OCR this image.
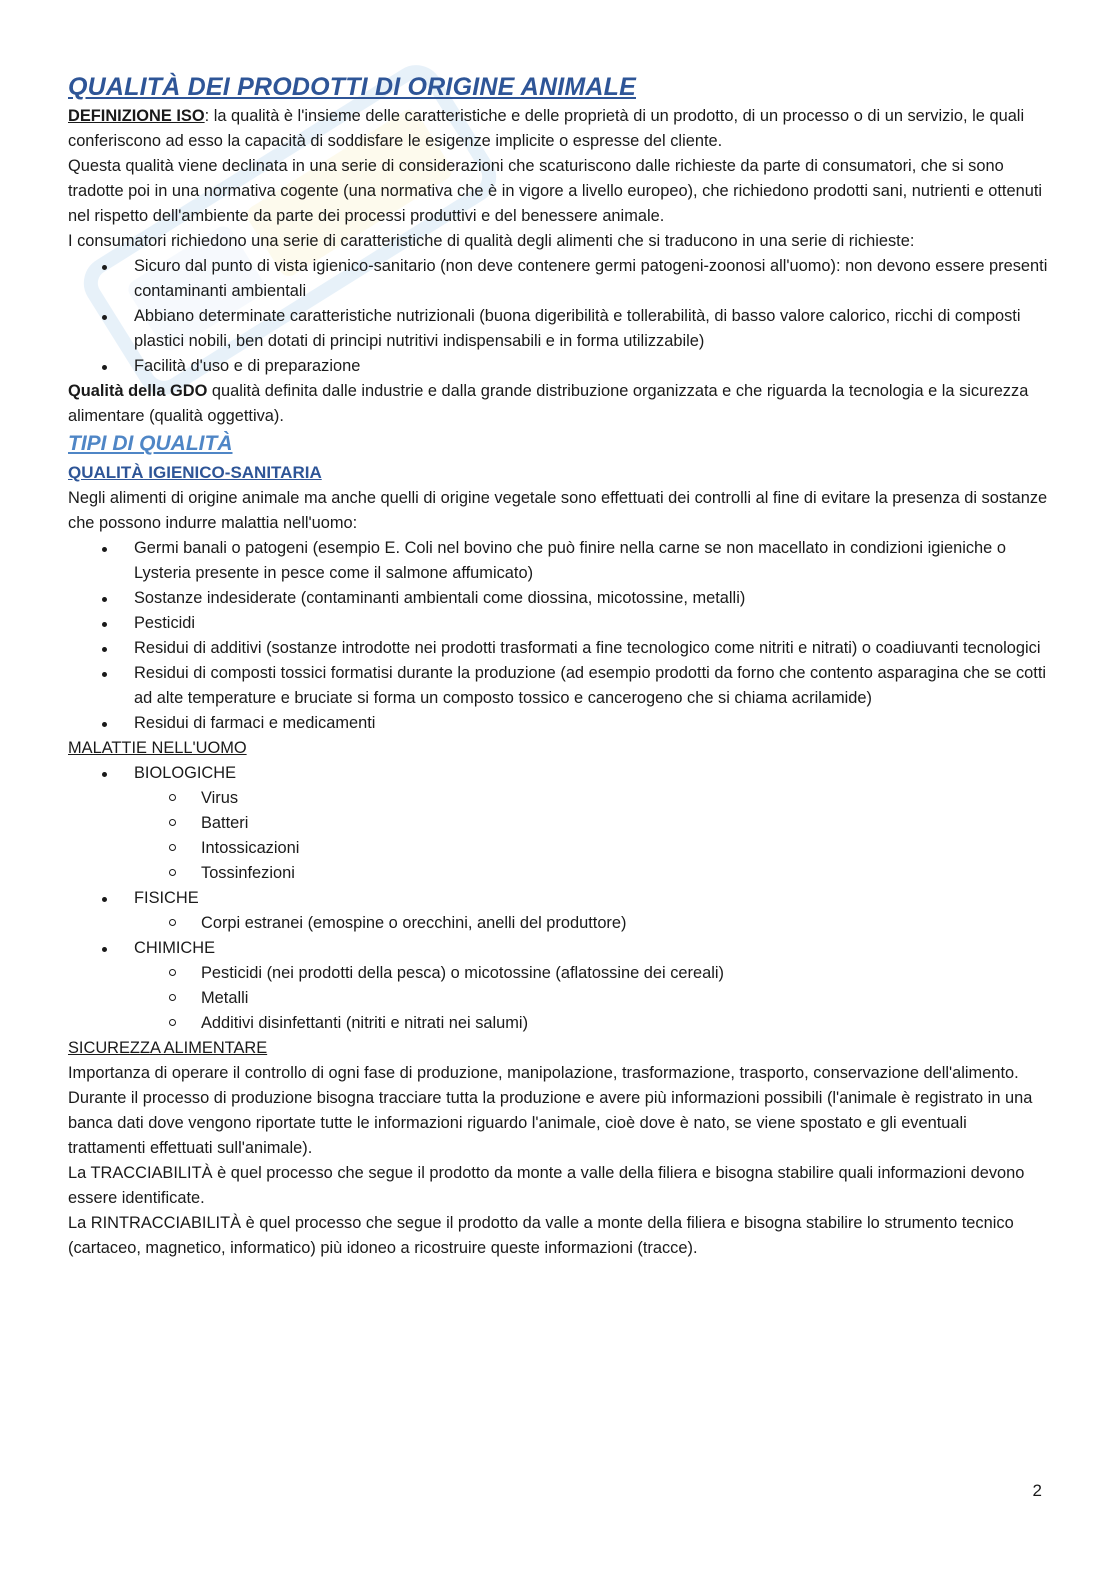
QUALITÀ DEI PRODOTTI DI ORIGINE ANIMALE

DEFINIZIONE ISO: la qualità è l'insieme delle caratteristiche e delle proprietà di un prodotto, di un processo o di un servizio, le quali conferiscono ad esso la capacità di soddisfare le esigenze implicite o espresse del cliente.

Questa qualità viene declinata in una serie di considerazioni che scaturiscono dalle richieste da parte di consumatori, che si sono tradotte poi in una normativa cogente (una normativa che è in vigore a livello europeo), che richiedono prodotti sani, nutrienti e ottenuti nel rispetto dell'ambiente da parte dei processi produttivi e del benessere animale.

I consumatori richiedono una serie di caratteristiche di qualità degli alimenti che si traducono in una serie di richieste:

Sicuro dal punto di vista igienico-sanitario (non deve contenere germi patogeni-zoonosi all'uomo): non devono essere presenti contaminanti ambientali
Abbiano determinate caratteristiche nutrizionali (buona digeribilità e tollerabilità, di basso valore calorico, ricchi di composti plastici nobili, ben dotati di principi nutritivi indispensabili e in forma utilizzabile)
Facilità d'uso e di preparazione

Qualità della GDO qualità definita dalle industrie e dalla grande distribuzione organizzata e che riguarda la tecnologia e la sicurezza alimentare (qualità oggettiva).

TIPI DI QUALITÀ
QUALITÀ IGIENICO-SANITARIA

Negli alimenti di origine animale ma anche quelli di origine vegetale sono effettuati dei controlli al fine di evitare la presenza di sostanze che possono indurre malattia nell'uomo:

Germi banali o patogeni (esempio E. Coli nel bovino che può finire nella carne se non macellato in condizioni igieniche o Lysteria presente in pesce come il salmone affumicato)
Sostanze indesiderate (contaminanti ambientali come diossina, micotossine, metalli)
Pesticidi
Residui di additivi (sostanze introdotte nei prodotti trasformati a fine tecnologico come nitriti e nitrati) o coadiuvanti tecnologici
Residui di composti tossici formatisi durante la produzione (ad esempio prodotti da forno che contento asparagina che se cotti ad alte temperature e bruciate si forma un composto tossico e cancerogeno che si chiama acrilamide)
Residui di farmaci e medicamenti

MALATTIE NELL'UOMO

BIOLOGICHE
Virus
Batteri
Intossicazioni
Tossinfezioni
FISICHE
Corpi estranei (emospine o orecchini, anelli del produttore)
CHIMICHE
Pesticidi (nei prodotti della pesca) o micotossine (aflatossine dei cereali)
Metalli
Additivi disinfettanti (nitriti e nitrati nei salumi)

SICUREZZA ALIMENTARE

Importanza di operare il controllo di ogni fase di produzione, manipolazione, trasformazione, trasporto, conservazione dell'alimento.

Durante il processo di produzione bisogna tracciare tutta la produzione e avere più informazioni possibili (l'animale è registrato in una banca dati dove vengono riportate tutte le informazioni riguardo l'animale, cioè dove è nato, se viene spostato e gli eventuali trattamenti effettuati sull'animale).

La TRACCIABILITÀ è quel processo che segue il prodotto da monte a valle della filiera e bisogna stabilire quali informazioni devono essere identificate.

La RINTRACCIABILITÀ è quel processo che segue il prodotto da valle a monte della filiera e bisogna stabilire lo strumento tecnico (cartaceo, magnetico, informatico) più idoneo a ricostruire queste informazioni (tracce).

2
